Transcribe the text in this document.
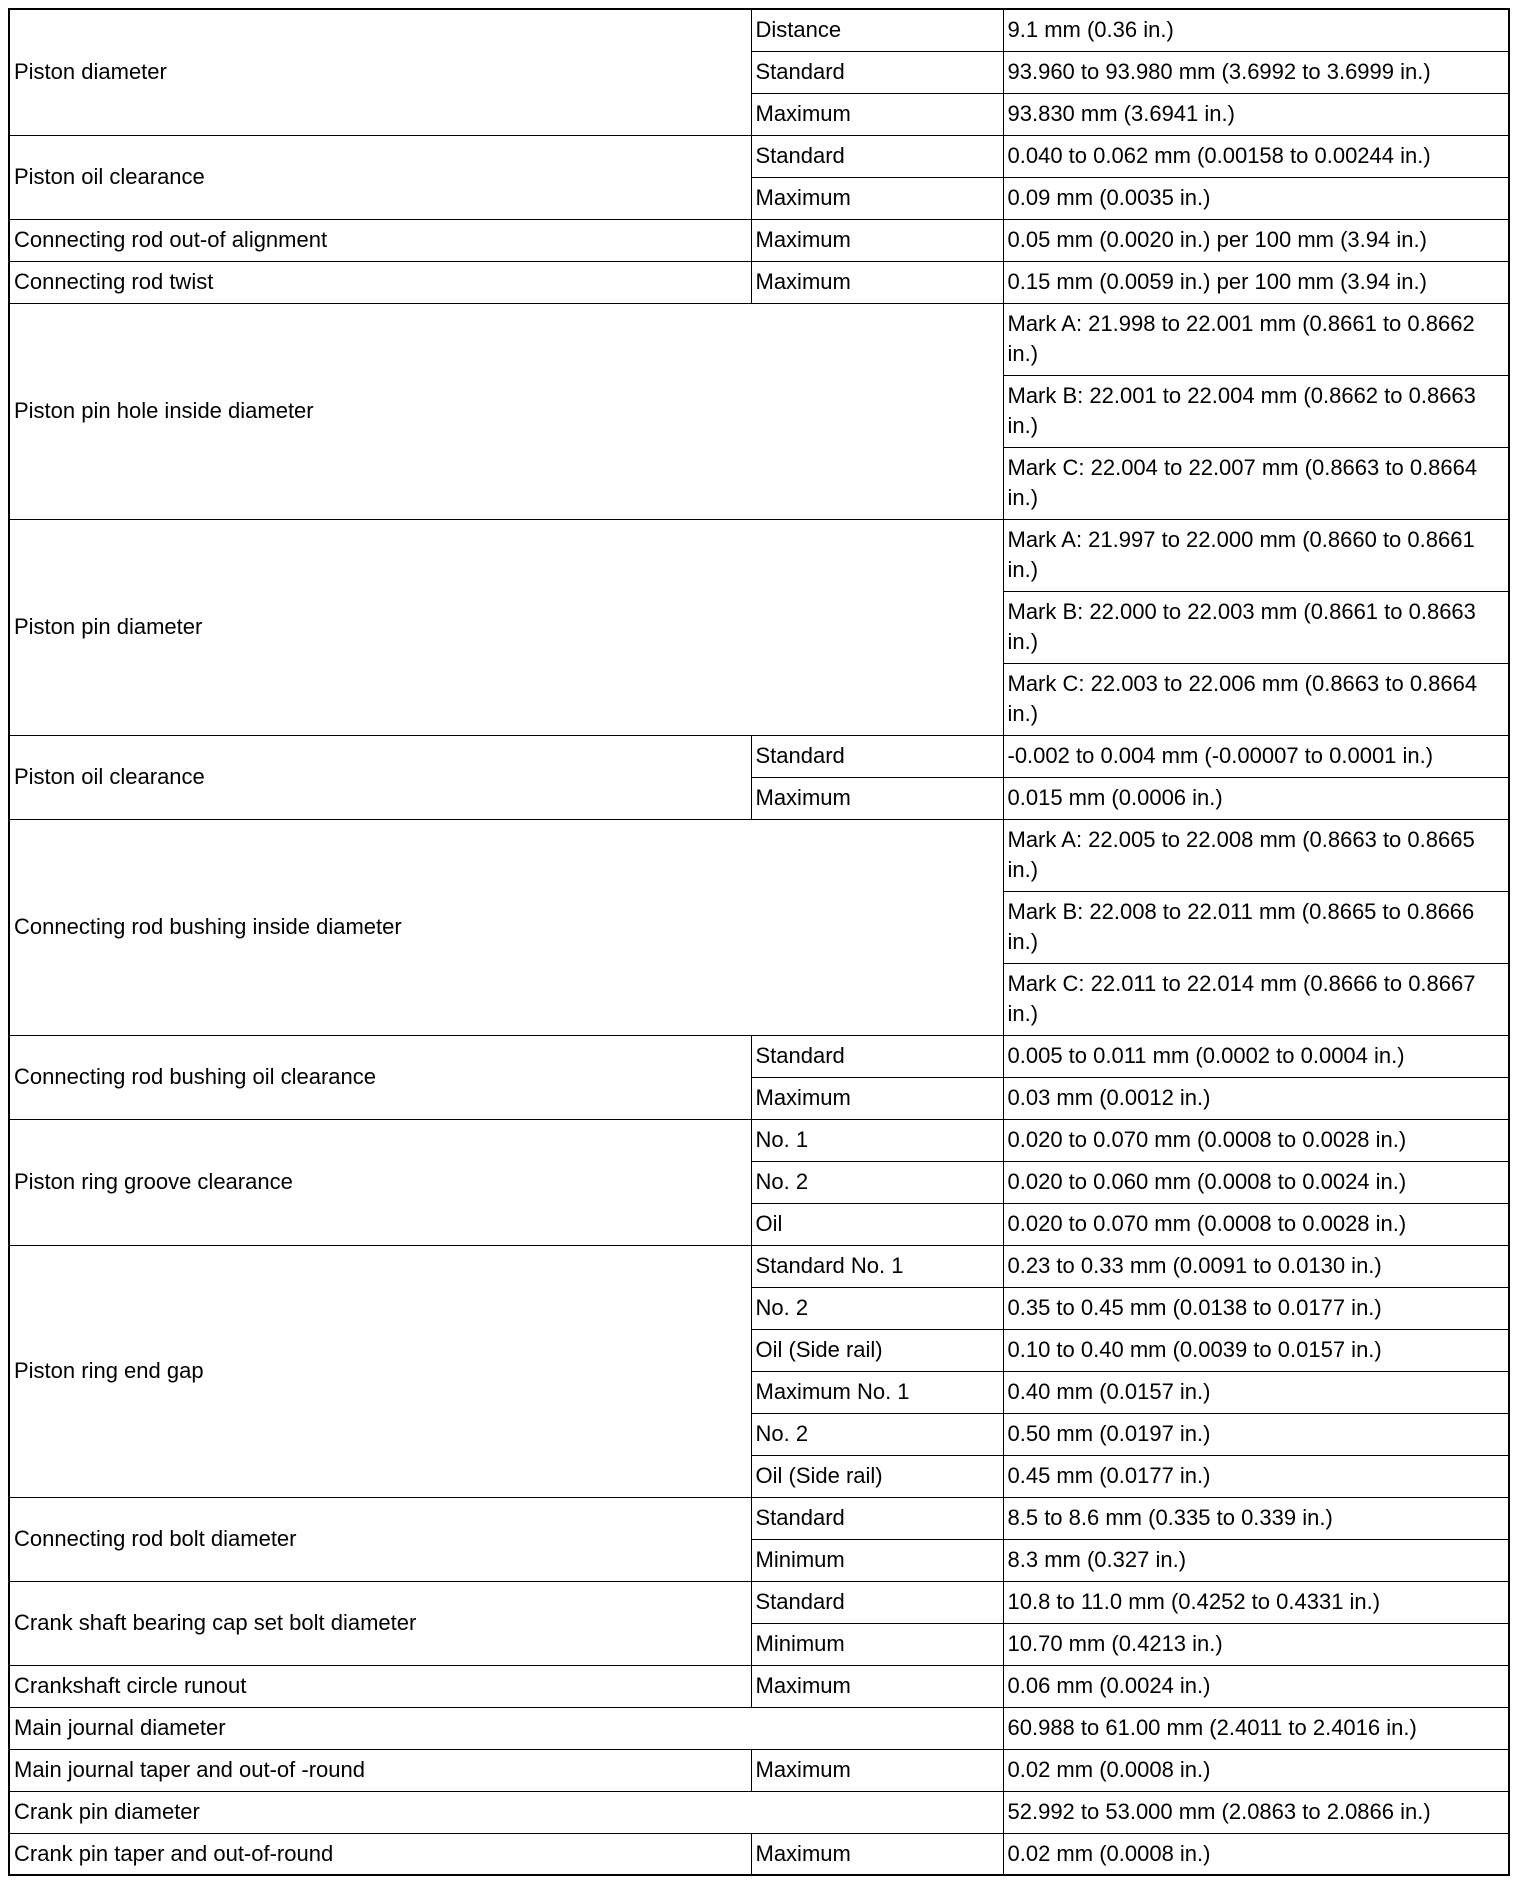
Piston diameter	Distance	9.1 mm (0.36 in.)
	Standard	93.960 to 93.980 mm (3.6992 to 3.6999 in.)
	Maximum	93.830 mm (3.6941 in.)
Piston oil clearance	Standard	0.040 to 0.062 mm (0.00158 to 0.00244 in.)
	Maximum	0.09 mm (0.0035 in.)
Connecting rod out-of alignment	Maximum	0.05 mm (0.0020 in.) per 100 mm (3.94 in.)
Connecting rod twist	Maximum	0.15 mm (0.0059 in.) per 100 mm (3.94 in.)
Piston pin hole inside diameter		Mark A: 21.998 to 22.001 mm (0.8661 to 0.8662 in.)
		Mark B: 22.001 to 22.004 mm (0.8662 to 0.8663 in.)
		Mark C: 22.004 to 22.007 mm (0.8663 to 0.8664 in.)
Piston pin diameter		Mark A: 21.997 to 22.000 mm (0.8660 to 0.8661 in.)
		Mark B: 22.000 to 22.003 mm (0.8661 to 0.8663 in.)
		Mark C: 22.003 to 22.006 mm (0.8663 to 0.8664 in.)
Piston oil clearance	Standard	-0.002 to 0.004 mm (-0.00007 to 0.0001 in.)
	Maximum	0.015 mm (0.0006 in.)
Connecting rod bushing inside diameter		Mark A: 22.005 to 22.008 mm (0.8663 to 0.8665 in.)
		Mark B: 22.008 to 22.011 mm (0.8665 to 0.8666 in.)
		Mark C: 22.011 to 22.014 mm (0.8666 to 0.8667 in.)
Connecting rod bushing oil clearance	Standard	0.005 to 0.011 mm (0.0002 to 0.0004 in.)
	Maximum	0.03 mm (0.0012 in.)
Piston ring groove clearance	No. 1	0.020 to 0.070 mm (0.0008 to 0.0028 in.)
	No. 2	0.020 to 0.060 mm (0.0008 to 0.0024 in.)
	Oil	0.020 to 0.070 mm (0.0008 to 0.0028 in.)
Piston ring end gap	Standard No. 1	0.23 to 0.33 mm (0.0091 to 0.0130 in.)
	No. 2	0.35 to 0.45 mm (0.0138 to 0.0177 in.)
	Oil (Side rail)	0.10 to 0.40 mm (0.0039 to 0.0157 in.)
	Maximum No. 1	0.40 mm (0.0157 in.)
	No. 2	0.50 mm (0.0197 in.)
	Oil (Side rail)	0.45 mm (0.0177 in.)
Connecting rod bolt diameter	Standard	8.5 to 8.6 mm (0.335 to 0.339 in.)
	Minimum	8.3 mm (0.327 in.)
Crank shaft bearing cap set bolt diameter	Standard	10.8 to 11.0 mm (0.4252 to 0.4331 in.)
	Minimum	10.70 mm (0.4213 in.)
Crankshaft circle runout	Maximum	0.06 mm (0.0024 in.)
Main journal diameter		60.988 to 61.00 mm (2.4011 to 2.4016 in.)
Main journal taper and out-of -round	Maximum	0.02 mm (0.0008 in.)
Crank pin diameter		52.992 to 53.000 mm (2.0863 to 2.0866 in.)
Crank pin taper and out-of-round	Maximum	0.02 mm (0.0008 in.)
